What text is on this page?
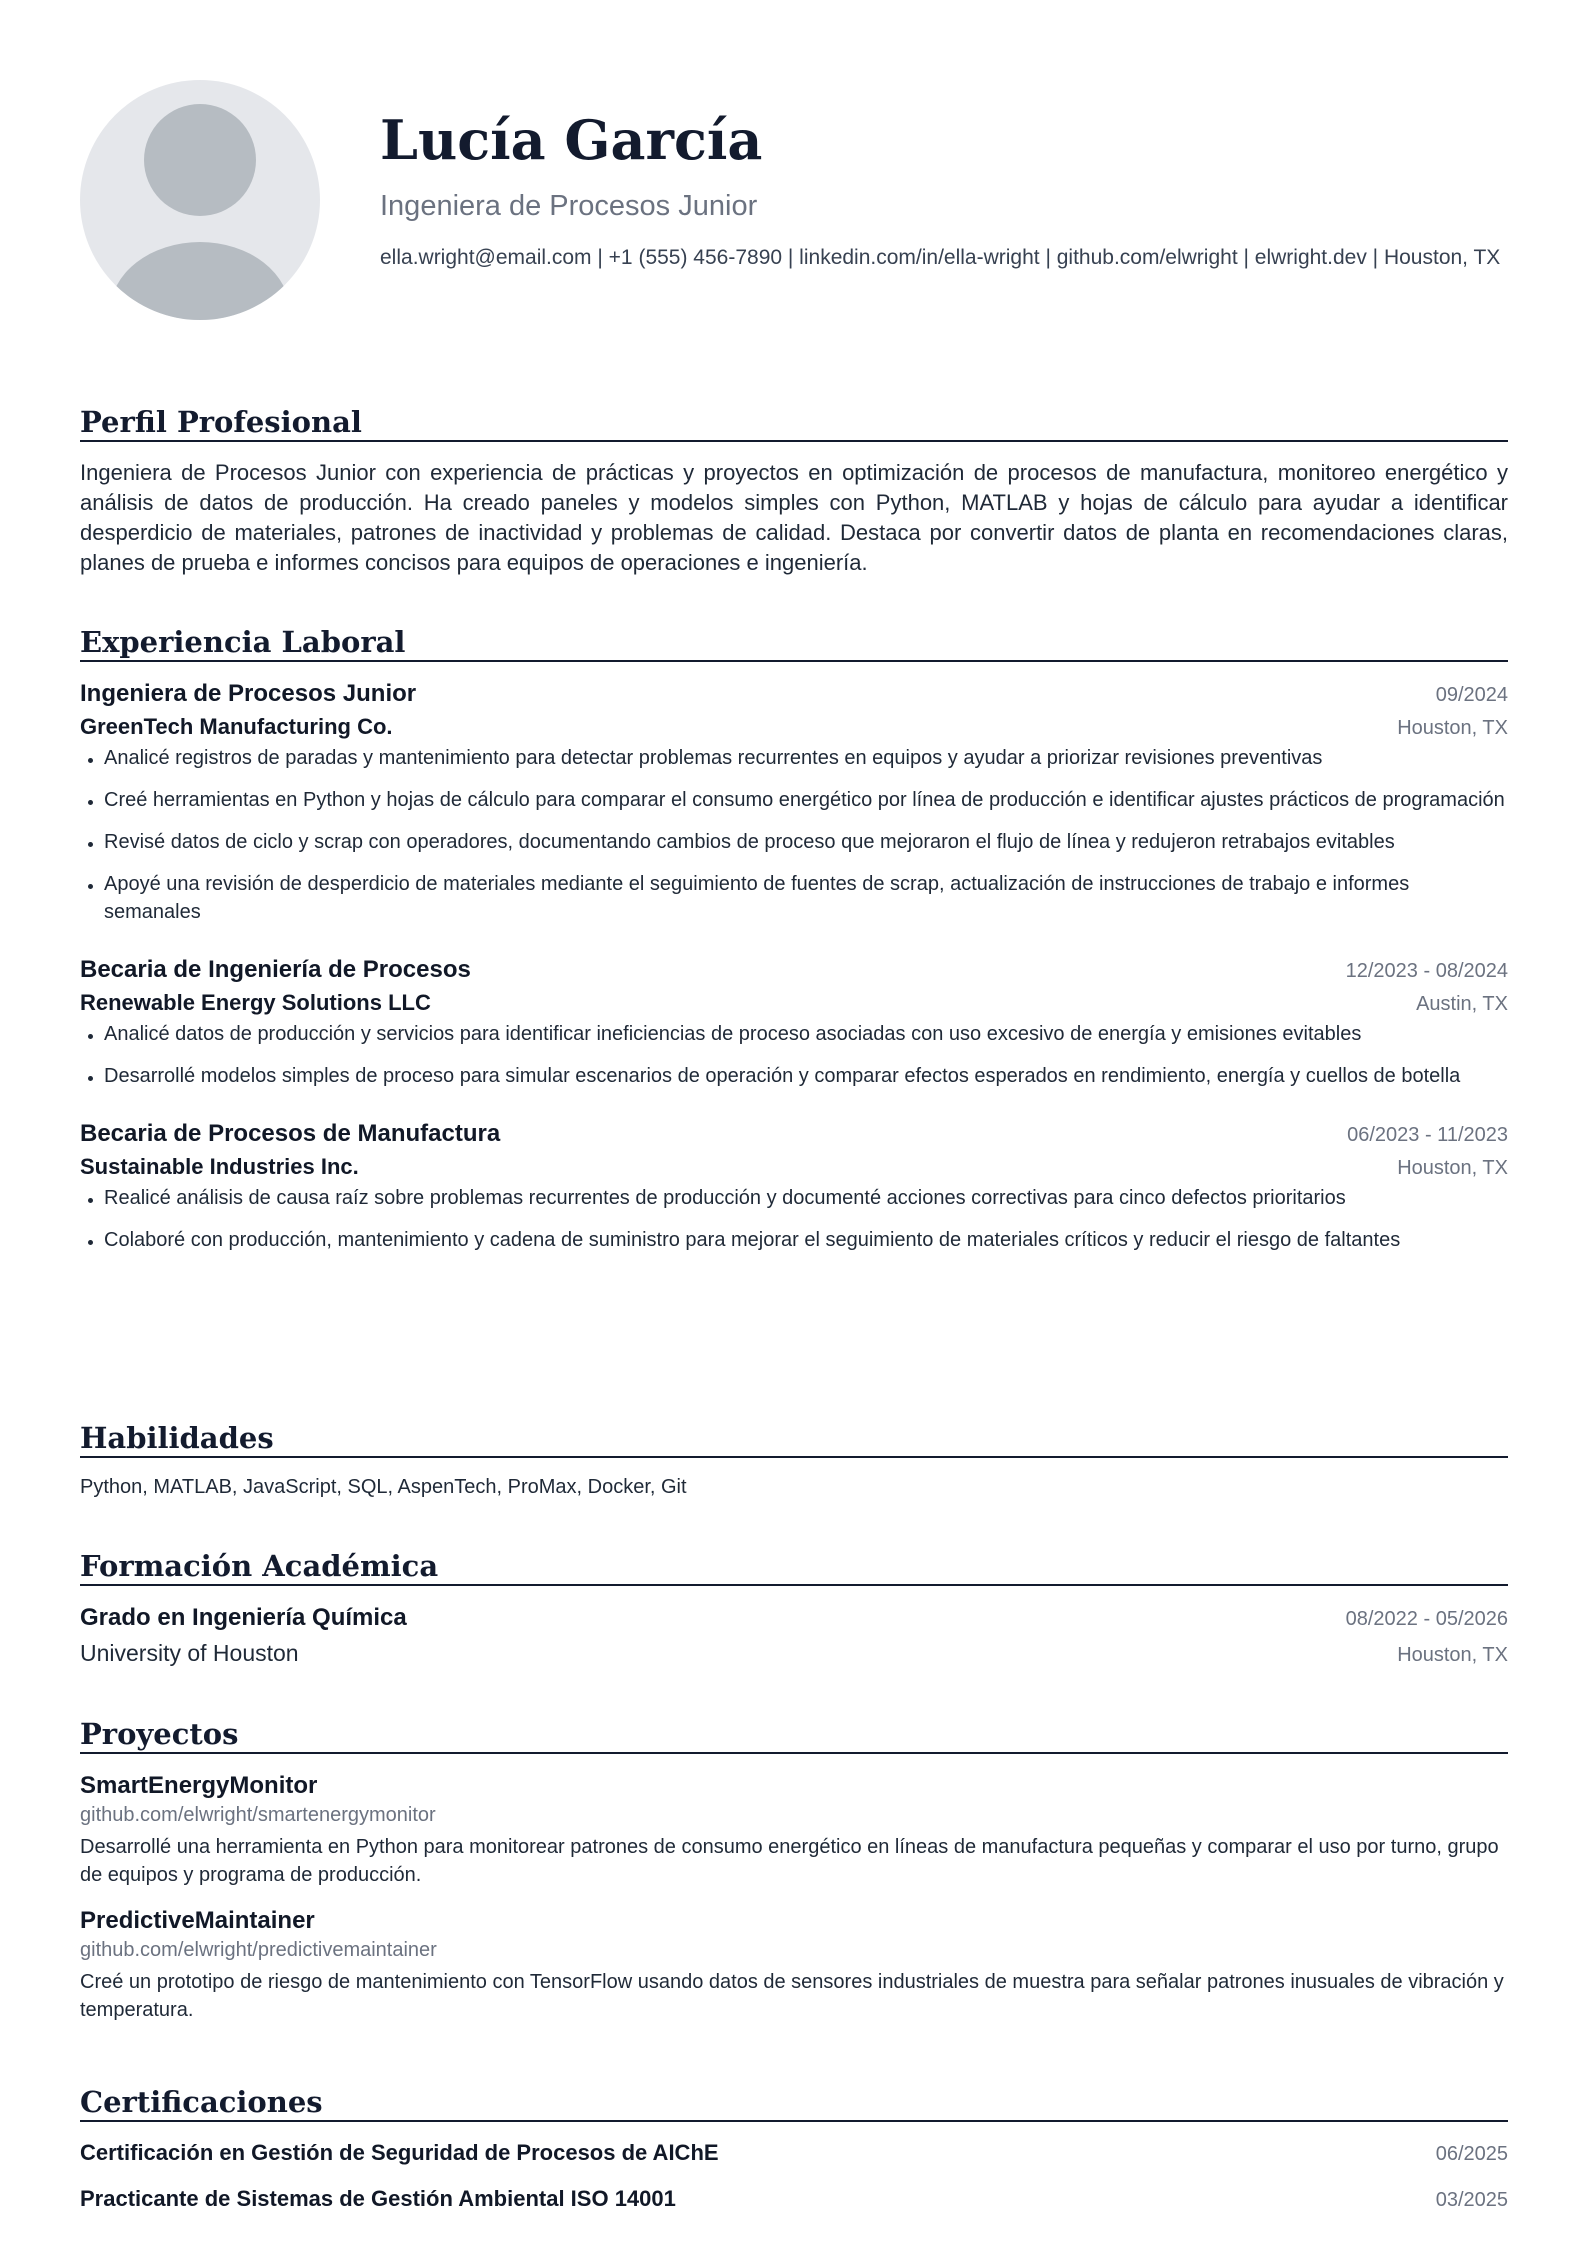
Lucía García
Ingeniera de Procesos Junior
ella.wright@email.com | +1 (555) 456-7890 | linkedin.com/in/ella-wright | github.com/elwright | elwright.dev | Houston, TX
Perfil Profesional
Ingeniera de Procesos Junior con experiencia de prácticas y proyectos en optimización de procesos de manufactura, monitoreo energético y análisis de datos de producción. Ha creado paneles y modelos simples con Python, MATLAB y hojas de cálculo para ayudar a identificar desperdicio de materiales, patrones de inactividad y problemas de calidad. Destaca por convertir datos de planta en recomendaciones claras, planes de prueba e informes concisos para equipos de operaciones e ingeniería.
Experiencia Laboral
Ingeniera de Procesos Junior	09/2024
GreenTech Manufacturing Co.	Houston, TX
Analicé registros de paradas y mantenimiento para detectar problemas recurrentes en equipos y ayudar a priorizar revisiones preventivas
Creé herramientas en Python y hojas de cálculo para comparar el consumo energético por línea de producción e identificar ajustes prácticos de programación
Revisé datos de ciclo y scrap con operadores, documentando cambios de proceso que mejoraron el flujo de línea y redujeron retrabajos evitables
Apoyé una revisión de desperdicio de materiales mediante el seguimiento de fuentes de scrap, actualización de instrucciones de trabajo e informes semanales
Becaria de Ingeniería de Procesos	12/2023 - 08/2024
Renewable Energy Solutions LLC	Austin, TX
Analicé datos de producción y servicios para identificar ineficiencias de proceso asociadas con uso excesivo de energía y emisiones evitables
Desarrollé modelos simples de proceso para simular escenarios de operación y comparar efectos esperados en rendimiento, energía y cuellos de botella
Becaria de Procesos de Manufactura	06/2023 - 11/2023
Sustainable Industries Inc.	Houston, TX
Realicé análisis de causa raíz sobre problemas recurrentes de producción y documenté acciones correctivas para cinco defectos prioritarios
Colaboré con producción, mantenimiento y cadena de suministro para mejorar el seguimiento de materiales críticos y reducir el riesgo de faltantes
Habilidades
Python, MATLAB, JavaScript, SQL, AspenTech, ProMax, Docker, Git
Formación Académica
Grado en Ingeniería Química	08/2022 - 05/2026
University of Houston	Houston, TX
Proyectos
SmartEnergyMonitor
github.com/elwright/smartenergymonitor
Desarrollé una herramienta en Python para monitorear patrones de consumo energético en líneas de manufactura pequeñas y comparar el uso por turno, grupo de equipos y programa de producción.
PredictiveMaintainer
github.com/elwright/predictivemaintainer
Creé un prototipo de riesgo de mantenimiento con TensorFlow usando datos de sensores industriales de muestra para señalar patrones inusuales de vibración y temperatura.
Certificaciones
Certificación en Gestión de Seguridad de Procesos de AIChE	06/2025
Practicante de Sistemas de Gestión Ambiental ISO 14001	03/2025
